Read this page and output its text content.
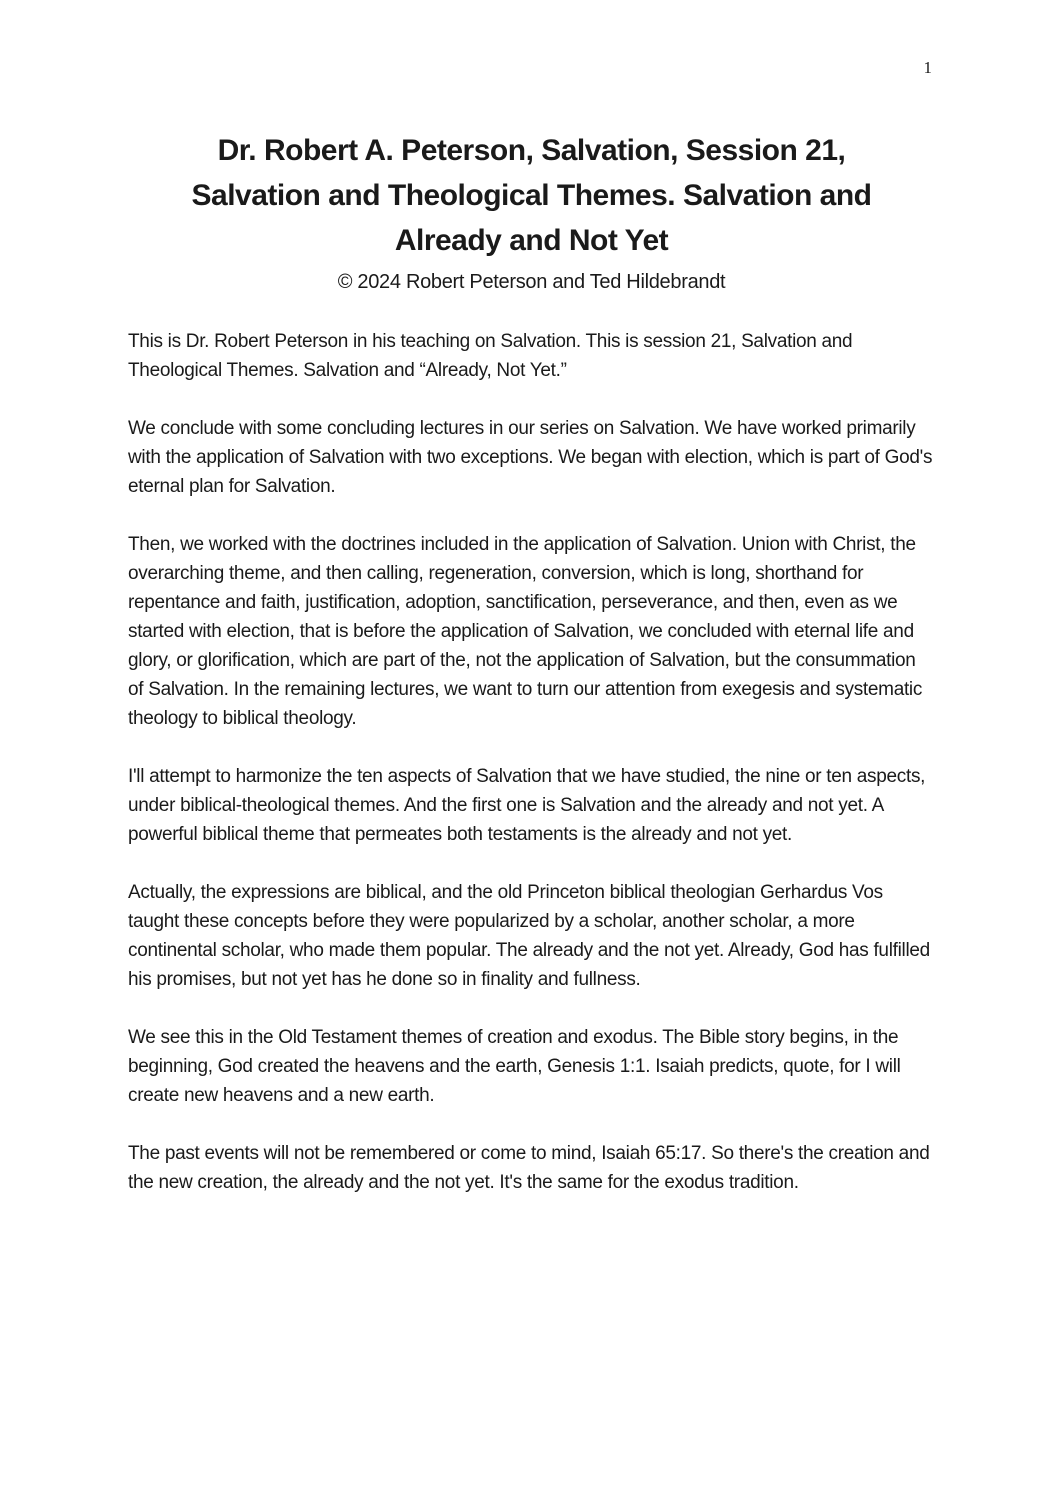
1
Dr. Robert A. Peterson, Salvation, Session 21,
Salvation and Theological Themes. Salvation and
Already and Not Yet
© 2024 Robert Peterson and Ted Hildebrandt

This is Dr. Robert Peterson in his teaching on Salvation. This is session 21, Salvation and Theological Themes. Salvation and “Already, Not Yet.”

We conclude with some concluding lectures in our series on Salvation. We have worked primarily with the application of Salvation with two exceptions. We began with election, which is part of God's eternal plan for Salvation.

Then, we worked with the doctrines included in the application of Salvation. Union with Christ, the overarching theme, and then calling, regeneration, conversion, which is long, shorthand for repentance and faith, justification, adoption, sanctification, perseverance, and then, even as we started with election, that is before the application of Salvation, we concluded with eternal life and glory, or glorification, which are part of the, not the application of Salvation, but the consummation of Salvation. In the remaining lectures, we want to turn our attention from exegesis and systematic theology to biblical theology.

I'll attempt to harmonize the ten aspects of Salvation that we have studied, the nine or ten aspects, under biblical-theological themes. And the first one is Salvation and the already and not yet. A powerful biblical theme that permeates both testaments is the already and not yet.

Actually, the expressions are biblical, and the old Princeton biblical theologian Gerhardus Vos taught these concepts before they were popularized by a scholar, another scholar, a more continental scholar, who made them popular. The already and the not yet. Already, God has fulfilled his promises, but not yet has he done so in finality and fullness.

We see this in the Old Testament themes of creation and exodus. The Bible story begins, in the beginning, God created the heavens and the earth, Genesis 1:1. Isaiah predicts, quote, for I will create new heavens and a new earth.

The past events will not be remembered or come to mind, Isaiah 65:17. So there's the creation and the new creation, the already and the not yet. It's the same for the exodus tradition.
